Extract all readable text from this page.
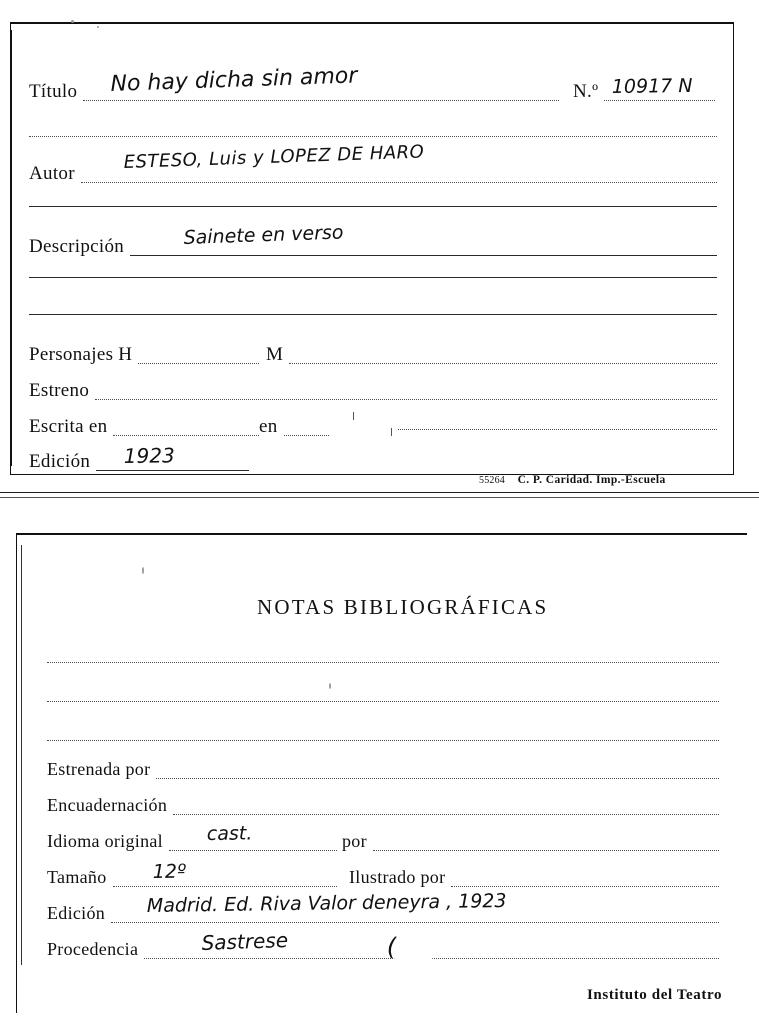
Título No hay dicha sin amor	N.º 10917 N
Autor
ESTESO, Luis y LOPEZ DE HARO
Descripción	Sainete en verso
Personajes H	M
Estreno
Escrita en	en
Edición	1923
55264 C. P. Caridad. Imp.-Escuela
NOTAS BIBLIOGRÁFICAS
Estrenada por
Encuadernación
Idioma original	cast.	por
Tamaño	12º	Ilustrado por
Edición	Madrid. Ed. Riva Valor deneyra , 1923
Procedencia	Sastrese	(
Instituto del Teatro
